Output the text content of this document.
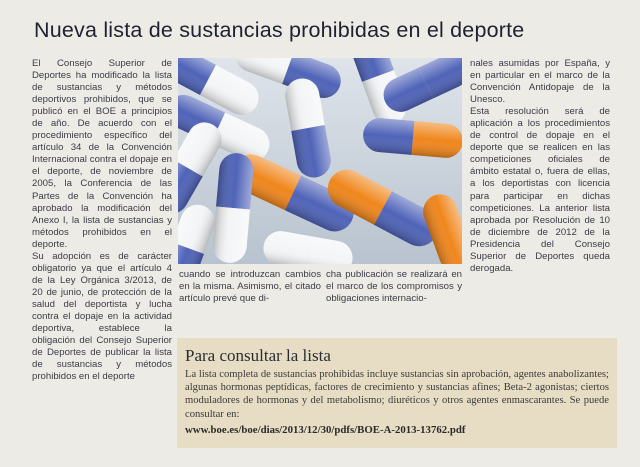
Nueva lista de sustancias prohibidas en el deporte

El Consejo Superior de Deportes ha modificado la lista de sustancias y métodos deportivos prohibidos, que se publicó en el BOE a principios de año. De acuerdo con el procedimiento específico del artículo 34 de la Convención Internacional contra el dopaje en el deporte, de noviembre de 2005, la Conferencia de las Partes de la Convención ha aprobado la modificación del Anexo I, la lista de sustancias y métodos prohibidos en el deporte.

Su adopción es de carácter obligatorio ya que el artículo 4 de la Ley Orgánica 3/2013, de 20 de junio, de protección de la salud del deportista y lucha contra el dopaje en la actividad deportiva, establece la obligación del Consejo Superior de Deportes de publicar la lista de sustancias y métodos prohibidos en el deporte

cuando se introduzcan cambios en la misma. Asimismo, el citado artículo prevé que di-

cha publicación se realizará en el marco de los compromisos y obligaciones internacio-

nales asumidas por España, y en particular en el marco de la Convención Antidopaje de la Unesco.

Esta resolución será de aplicación a los procedimientos de control de dopaje en el deporte que se realicen en las competiciones oficiales de ámbito estatal o, fuera de ellas, a los deportistas con licencia para participar en dichas competiciones. La anterior lista aprobada por Resolución de 10 de diciembre de 2012 de la Presidencia del Consejo Superior de Deportes queda derogada.

Para consultar la lista

La lista completa de sustancias prohibidas incluye sustancias sin aprobación, agentes anabolizantes; algunas hormonas peptídicas, factores de crecimiento y sustancias afines; Beta-2 agonistas; ciertos moduladores de hormonas y del metabolismo; diuréticos y otros agentes enmascarantes. Se puede consultar en:

www.boe.es/boe/dias/2013/12/30/pdfs/BOE-A-2013-13762.pdf
